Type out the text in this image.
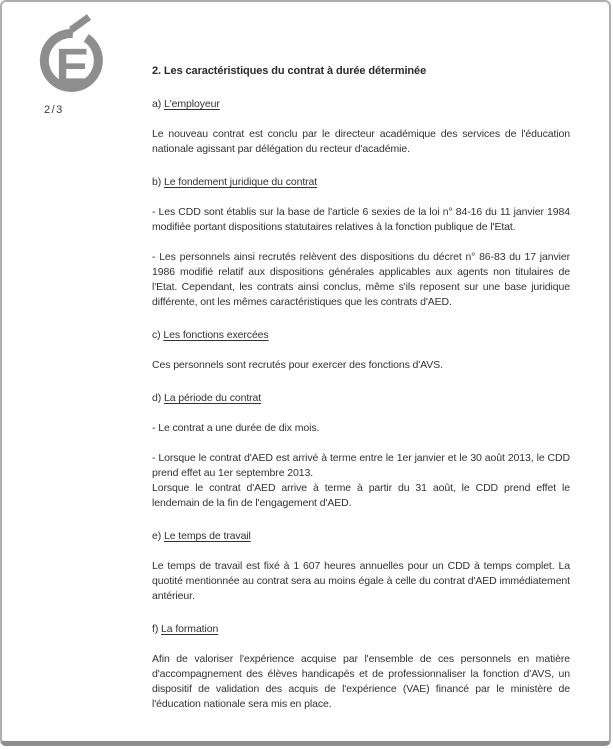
E
2/3
2. Les caractéristiques du contrat à durée déterminée
a) L'employeur

Le nouveau contrat est conclu par le directeur académique des services de l'éducation nationale agissant par délégation du recteur d'académie.

b) Le fondement juridique du contrat

- Les CDD sont établis sur la base de l'article 6 sexies de la loi n° 84-16 du 11 janvier 1984 modifiée portant dispositions statutaires relatives à la fonction publique de l'Etat.

- Les personnels ainsi recrutés relèvent des dispositions du décret n° 86-83 du 17 janvier 1986 modifié relatif aux dispositions générales applicables aux agents non titulaires de l'Etat. Cependant, les contrats ainsi conclus, même s'ils reposent sur une base juridique différente, ont les mêmes caractéristiques que les contrats d'AED.

c) Les fonctions exercées

Ces personnels sont recrutés pour exercer des fonctions d'AVS.

d) La période du contrat

- Le contrat a une durée de dix mois.

- Lorsque le contrat d'AED est arrivé à terme entre le 1er janvier et le 30 août 2013, le CDD prend effet au 1er septembre 2013.

Lorsque le contrat d'AED arrive à terme à partir du 31 août, le CDD prend effet le lendemain de la fin de l'engagement d'AED.

e) Le temps de travail

Le temps de travail est fixé à 1 607 heures annuelles pour un CDD à temps complet. La quotité mentionnée au contrat sera au moins égale à celle du contrat d'AED immédiatement antérieur.

f) La formation

Afin de valoriser l'expérience acquise par l'ensemble de ces personnels en matière d'accompagnement des élèves handicapés et de professionnaliser la fonction d'AVS, un dispositif de validation des acquis de l'expérience (VAE) financé par le ministère de l'éducation nationale sera mis en place.
